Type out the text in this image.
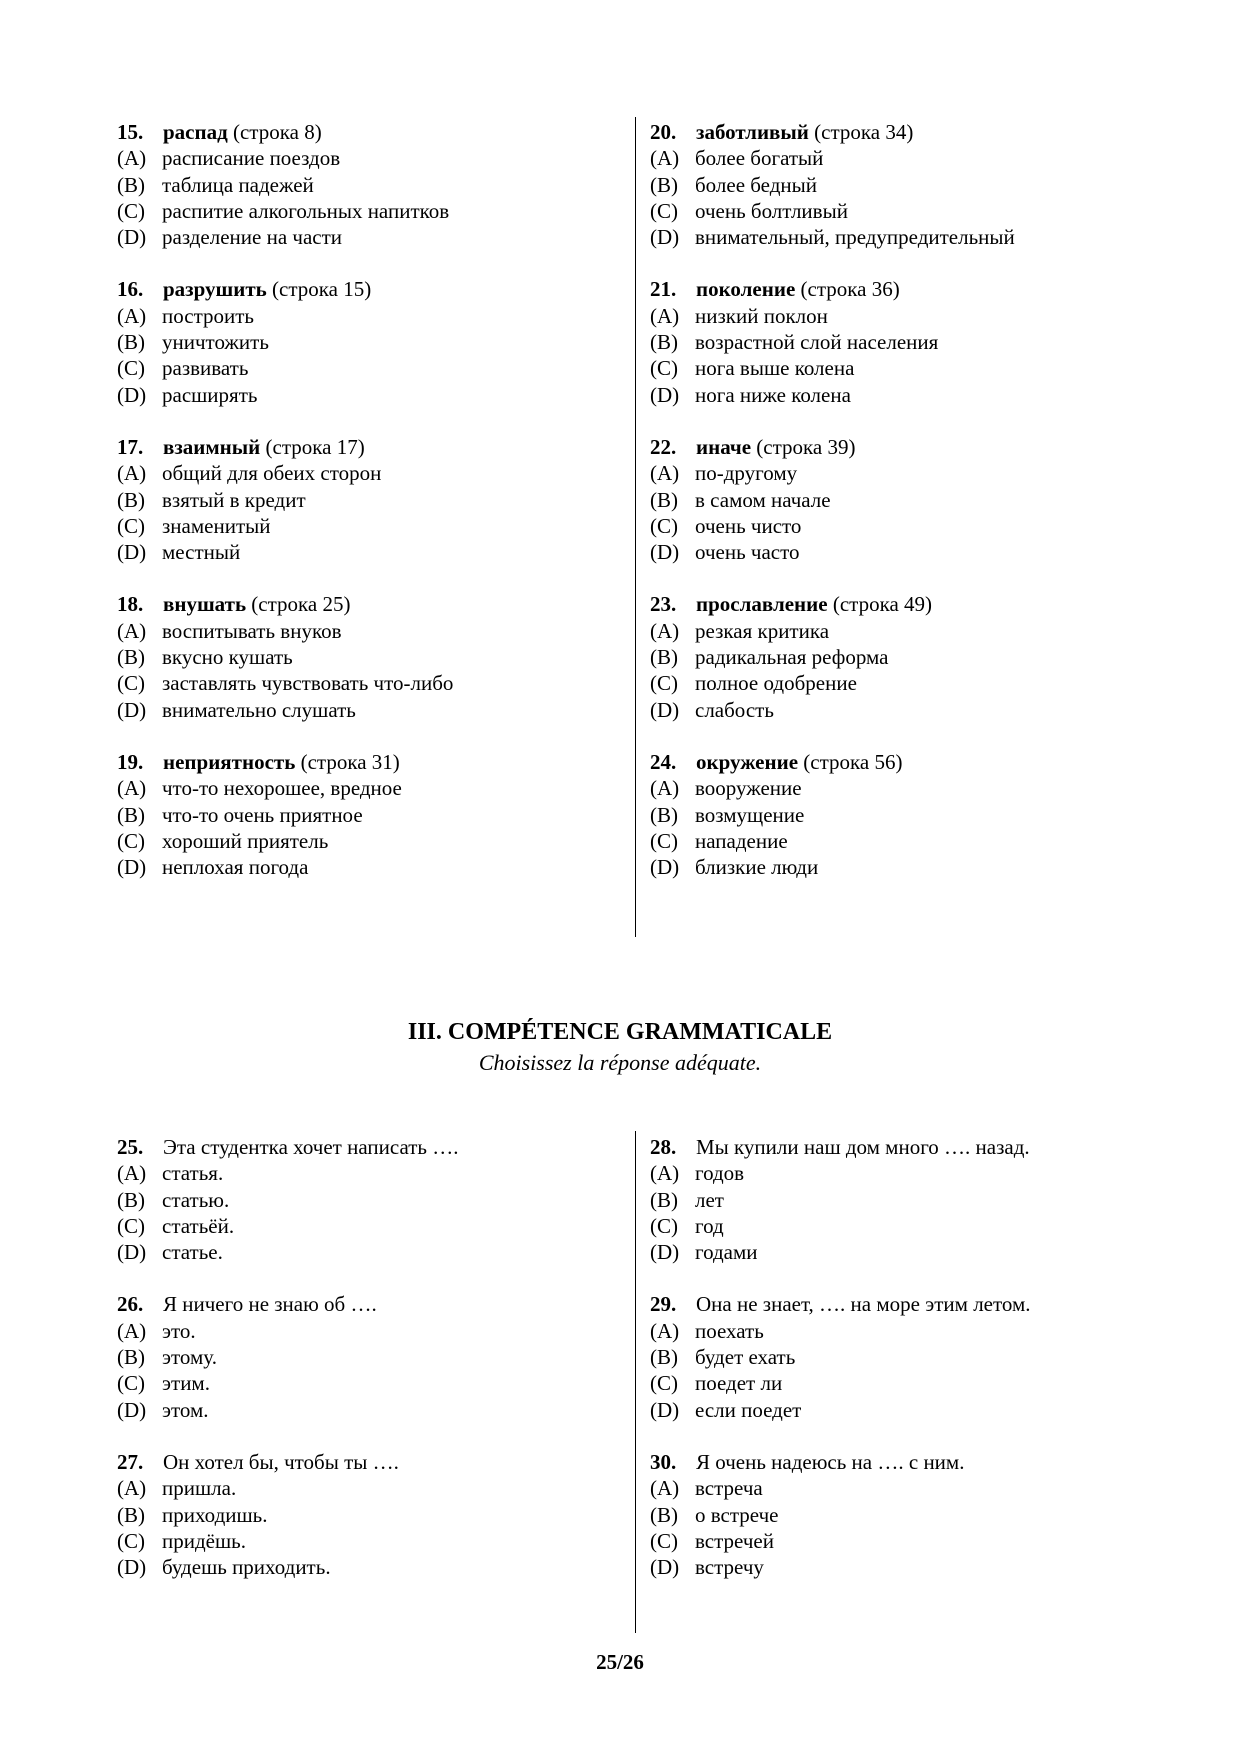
15. распад (строка 8)
(A) расписание поездов
(B) таблица падежей
(C) распитие алкогольных напитков
(D) разделение на части
16. разрушить (строка 15)
(A) построить
(B) уничтожить
(C) развивать
(D) расширять
17. взаимный (строка 17)
(A) общий для обеих сторон
(B) взятый в кредит
(C) знаменитый
(D) местный
18. внушать (строка 25)
(A) воспитывать внуков
(B) вкусно кушать
(C) заставлять чувствовать что-либо
(D) внимательно слушать
19. неприятность (строка 31)
(A) что-то нехорошее, вредное
(B) что-то очень приятное
(C) хороший приятель
(D) неплохая погода
20. заботливый (строка 34)
(A) более богатый
(B) более бедный
(C) очень болтливый
(D) внимательный, предупредительный
21. поколение (строка 36)
(A) низкий поклон
(B) возрастной слой населения
(C) нога выше колена
(D) нога ниже колена
22. иначе (строка 39)
(A) по-другому
(B) в самом начале
(C) очень чисто
(D) очень часто
23. прославление (строка 49)
(A) резкая критика
(B) радикальная реформа
(C) полное одобрение
(D) слабость
24. окружение (строка 56)
(A) вооружение
(B) возмущение
(C) нападение
(D) близкие люди
III. COMPÉTENCE GRAMMATICALE
Choisissez la réponse adéquate.
25. Эта студентка хочет написать ….
(A) статья.
(B) статью.
(C) статьёй.
(D) статье.
26. Я ничего не знаю об ….
(A) это.
(B) этому.
(C) этим.
(D) этом.
27. Он хотел бы, чтобы ты ….
(A) пришла.
(B) приходишь.
(C) придёшь.
(D) будешь приходить.
28. Мы купили наш дом много …. назад.
(A) годов
(B) лет
(C) год
(D) годами
29. Она не знает, …. на море этим летом.
(A) поехать
(B) будет ехать
(C) поедет ли
(D) если поедет
30. Я очень надеюсь на …. с ним.
(A) встреча
(B) о встрече
(C) встречей
(D) встречу
25/26
